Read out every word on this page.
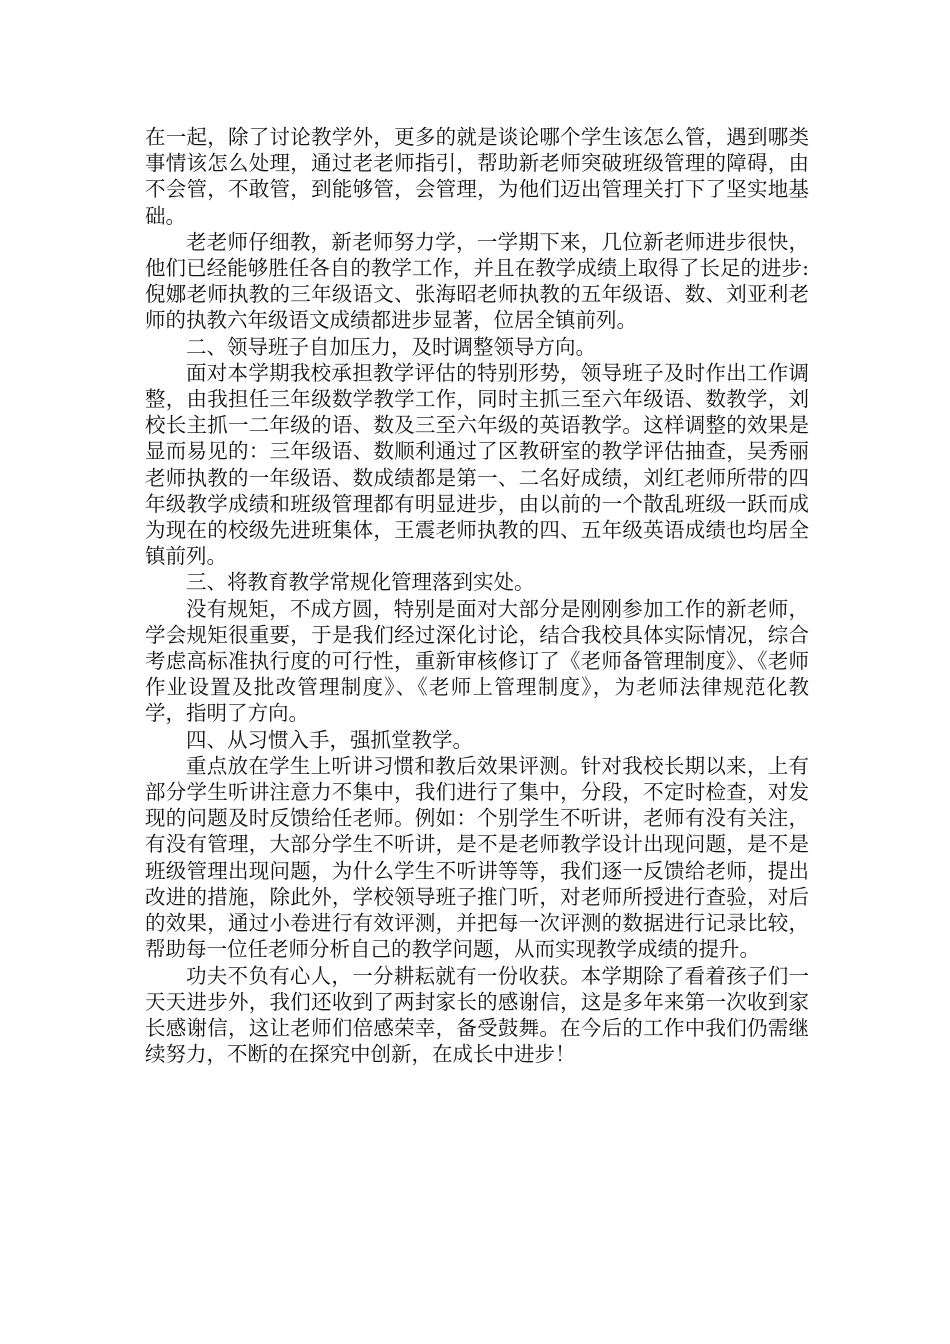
在一起，除了讨论教学外，更多的就是谈论哪个学生该怎么管，遇到哪类事情该怎么处理，通过老老师指引，帮助新老师突破班级管理的障碍，由不会管，不敢管，到能够管，会管理，为他们迈出管理关打下了坚实地基础。

老老师仔细教，新老师努力学，一学期下来，几位新老师进步很快，他们已经能够胜任各自的教学工作，并且在教学成绩上取得了长足的进步:倪娜老师执教的三年级语文、张海昭老师执教的五年级语、数、刘亚利老师的执教六年级语文成绩都进步显著，位居全镇前列。

二、领导班子自加压力，及时调整领导方向。

面对本学期我校承担教学评估的特别形势，领导班子及时作出工作调整，由我担任三年级数学教学工作，同时主抓三至六年级语、数教学，刘校长主抓一二年级的语、数及三至六年级的英语教学。这样调整的效果是显而易见的：三年级语、数顺利通过了区教研室的教学评估抽查，吴秀丽老师执教的一年级语、数成绩都是第一、二名好成绩，刘红老师所带的四年级教学成绩和班级管理都有明显进步，由以前的一个散乱班级一跃而成为现在的校级先进班集体，王震老师执教的四、五年级英语成绩也均居全镇前列。

三、将教育教学常规化管理落到实处。

没有规矩，不成方圆，特别是面对大部分是刚刚参加工作的新老师，学会规矩很重要，于是我们经过深化讨论，结合我校具体实际情况，综合考虑高标准执行度的可行性，重新审核修订了《老师备管理制度》、《老师作业设置及批改管理制度》、《老师上管理制度》，为老师法律规范化教学，指明了方向。

四、从习惯入手，强抓堂教学。

重点放在学生上听讲习惯和教后效果评测。针对我校长期以来，上有部分学生听讲注意力不集中，我们进行了集中，分段，不定时检查，对发现的问题及时反馈给任老师。例如：个别学生不听讲，老师有没有关注，有没有管理，大部分学生不听讲，是不是老师教学设计出现问题，是不是班级管理出现问题，为什么学生不听讲等等，我们逐一反馈给老师，提出改进的措施，除此外，学校领导班子推门听，对老师所授进行查验，对后的效果，通过小卷进行有效评测，并把每一次评测的数据进行记录比较，帮助每一位任老师分析自己的教学问题，从而实现教学成绩的提升。

功夫不负有心人，一分耕耘就有一份收获。本学期除了看着孩子们一天天进步外，我们还收到了两封家长的感谢信，这是多年来第一次收到家长感谢信，这让老师们倍感荣幸，备受鼓舞。在今后的工作中我们仍需继续努力，不断的在探究中创新，在成长中进步！
